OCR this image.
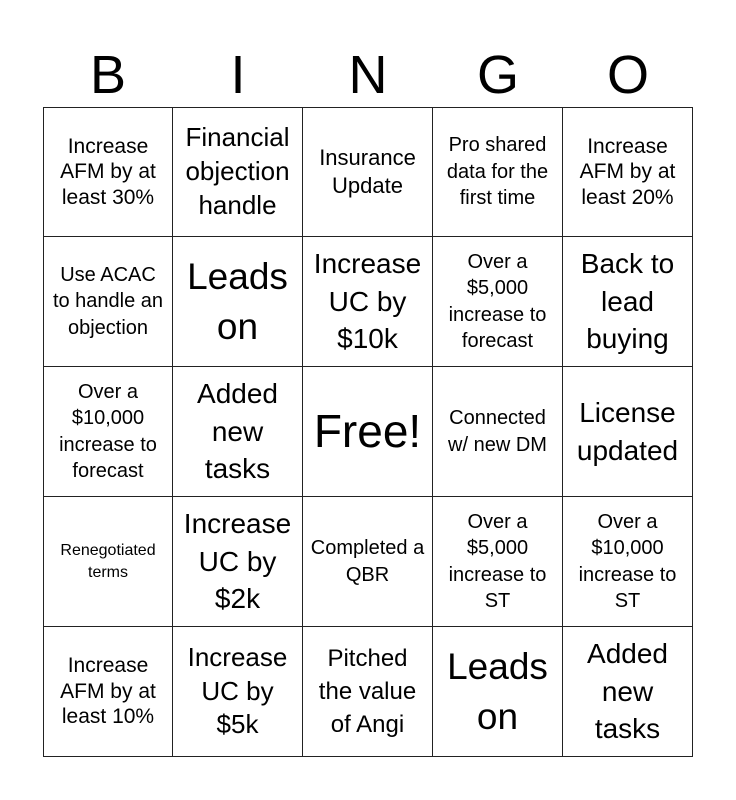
B	I	N	G	O
Increase AFM by at least 30%
Financial objection handle
Insurance Update
Pro shared data for the first time
Increase AFM by at least 20%
Use ACAC to handle an objection
Leads on
Increase UC by $10k
Over a $5,000 increase to forecast
Back to lead buying
Over a $10,000 increase to forecast
Added new tasks
Free!	Connected w/ new DM
License updated
Renegotiated terms
Increase UC by $2k
Completed a QBR
Over a $5,000 increase to ST
Over a $10,000 increase to ST
Increase AFM by at least 10%
Increase UC by $5k
Pitched the value of Angi
Leads on
Added new tasks
